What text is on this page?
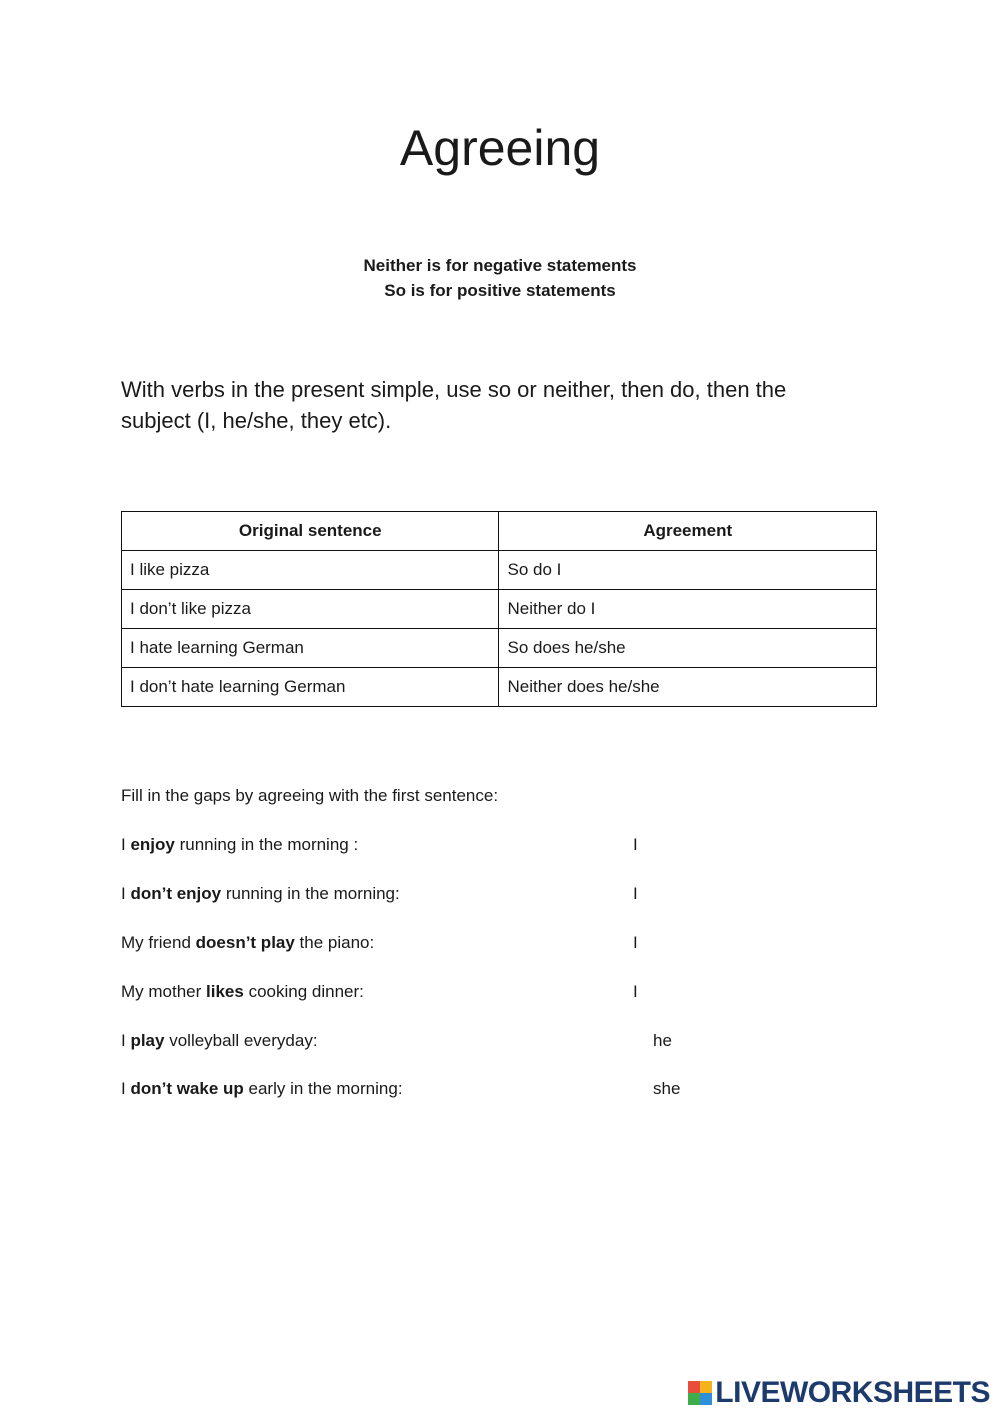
Agreeing
Neither is for negative statements
So is for positive statements

With verbs in the present simple, use so or neither, then do, then the subject (I, he/she, they etc).

Original sentence	Agreement
I like pizza	So do I
I don’t like pizza	Neither do I
I hate learning German	So does he/she
I don’t hate learning German	Neither does he/she

Fill in the gaps by agreeing with the first sentence:

I enjoy running in the morning :	I
I don’t enjoy running in the morning:	I
My friend doesn’t play the piano:	I
My mother likes cooking dinner:	I
I play volleyball everyday:	he
I don’t wake up early in the morning:	she
LIVEWORKSHEETS
